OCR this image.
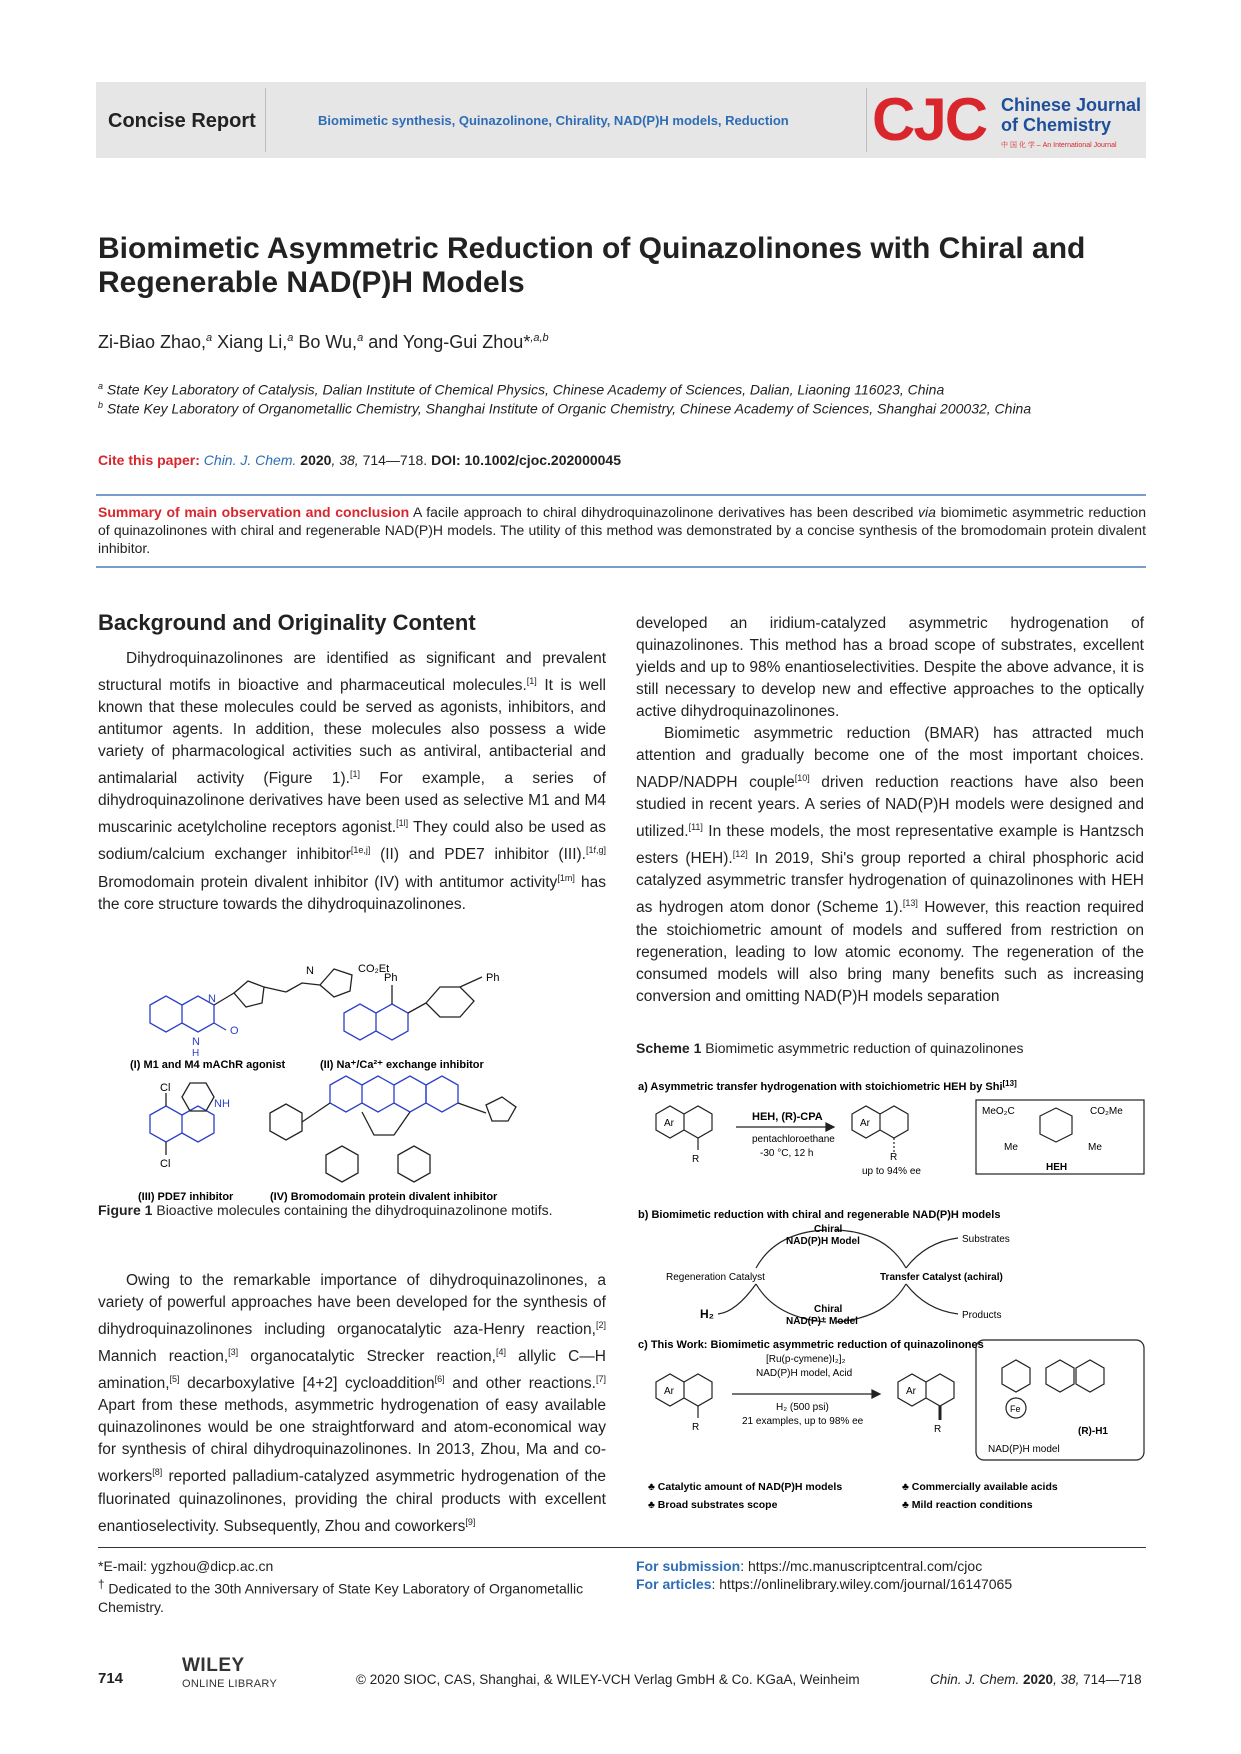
Concise Report	Biomimetic synthesis, Quinazolinone, Chirality, NAD(P)H models, Reduction CJC Chinese Journal
of Chemistry
中 国 化 学 – An International Journal
Biomimetic Asymmetric Reduction of Quinazolinones with Chiral and
Regenerable NAD(P)H Models
Zi-Biao Zhao,$^a$ Xiang Li,$^a$ Bo Wu,$^a$ and Yong-Gui Zhou*$^{,a,b}$
$^a$ State Key Laboratory of Catalysis, Dalian Institute of Chemical Physics, Chinese Academy of Sciences, Dalian, Liaoning 116023, China
$^b$ State Key Laboratory of Organometallic Chemistry, Shanghai Institute of Organic Chemistry, Chinese Academy of Sciences, Shanghai 200032, China
Cite this paper: Chin. J. Chem. 2020, 38, 714—718. DOI: 10.1002/cjoc.202000045
Summary of main observation and conclusion A facile approach to chiral dihydroquinazolinone derivatives has been described via biomimetic asymmetric reduction of quinazolinones with chiral and regenerable NAD(P)H models. The utility of this method was demonstrated by a concise synthesis of the bromodomain protein divalent inhibitor.
Background and Originality Content

Dihydroquinazolinones are identified as significant and prevalent structural motifs in bioactive and pharmaceutical molecules.[1] It is well known that these molecules could be served as agonists, inhibitors, and antitumor agents. In addition, these molecules also possess a wide variety of pharmacological activities such as antiviral, antibacterial and antimalarial activity (Figure 1).[1] For example, a series of dihydroquinazolinone derivatives have been used as selective M1 and M4 muscarinic acetylcholine receptors agonist.[1l] They could also be used as sodium/calcium exchanger inhibitor[1e,j] (II) and PDE7 inhibitor (III).[1f,g] Bromodomain protein divalent inhibitor (IV) with antitumor activity[1m] has the core structure towards the dihydroquinazolinones.

N	CO₂Et
N
O
N
H
(I) M1 and M4 mAChR agonist
Ph	Ph
(II) Na⁺/Ca²⁺ exchange inhibitor
Cl
Cl
NH
(III) PDE7 inhibitor	(IV) Bromodomain protein divalent inhibitor
Figure 1 Bioactive molecules containing the dihydroquinazolinone motifs.

Owing to the remarkable importance of dihydroquinazolinones, a variety of powerful approaches have been developed for the synthesis of dihydroquinazolinones including organocatalytic aza-Henry reaction,[2] Mannich reaction,[3] organocatalytic Strecker reaction,[4] allylic C—H amination,[5] decarboxylative [4+2] cycloaddition[6] and other reactions.[7] Apart from these methods, asymmetric hydrogenation of easy available quinazolinones would be one straightforward and atom-economical way for synthesis of chiral dihydroquinazolinones. In 2013, Zhou, Ma and co-workers[8] reported palladium-catalyzed asymmetric hydrogenation of the fluorinated quinazolinones, providing the chiral products with excellent enantioselectivity. Subsequently, Zhou and coworkers[9]

developed an iridium-catalyzed asymmetric hydrogenation of quinazolinones. This method has a broad scope of substrates, excellent yields and up to 98% enantioselectivities. Despite the above advance, it is still necessary to develop new and effective approaches to the optically active dihydroquinazolinones.

Biomimetic asymmetric reduction (BMAR) has attracted much attention and gradually become one of the most important choices. NADP/NADPH couple[10] driven reduction reactions have also been studied in recent years. A series of NAD(P)H models were designed and utilized.[11] In these models, the most representative example is Hantzsch esters (HEH).[12] In 2019, Shi's group reported a chiral phosphoric acid catalyzed asymmetric transfer hydrogenation of quinazolinones with HEH as hydrogen atom donor (Scheme 1).[13] However, this reaction required the stoichiometric amount of models and suffered from restriction on regeneration, leading to low atomic economy. The regeneration of the consumed models will also bring many benefits such as increasing conversion and omitting NAD(P)H models separation

Scheme 1 Biomimetic asymmetric reduction of quinazolinones
a) Asymmetric transfer hydrogenation with stoichiometric HEH by Shi[13]
Ar
R
HEH, (R)-CPA
pentachloroethane
-30 °C, 12 h
Ar
R
up to 94% ee
MeO₂C	CO₂Me
Me	Me
HEH
b) Biomimetic reduction with chiral and regenerable NAD(P)H models
Chiral
NAD(P)H Model	Substrates
Regeneration Catalyst	Transfer Catalyst (achiral)
H₂	Chiral
NAD(P)⁺ Model
Products
c) This Work: Biomimetic asymmetric reduction of quinazolinones
Ar
R
[Ru(p-cymene)I₂]₂
NAD(P)H model, Acid
H₂ (500 psi)
21 examples, up to 98% ee
Ar
R
Fe
(R)-H1
NAD(P)H model
♣ Catalytic amount of NAD(P)H models	♣ Commercially available acids
♣ Broad substrates scope	♣ Mild reaction conditions
*E-mail: ygzhou@dicp.ac.cn
† Dedicated to the 30th Anniversary of State Key Laboratory of Organometallic Chemistry.
For submission: https://mc.manuscriptcentral.com/cjoc
For articles: https://onlinelibrary.wiley.com/journal/16147065
714
WILEY
ONLINE LIBRARY	© 2020 SIOC, CAS, Shanghai, & WILEY-VCH Verlag GmbH & Co. KGaA, Weinheim	Chin. J. Chem. 2020, 38, 714—718
